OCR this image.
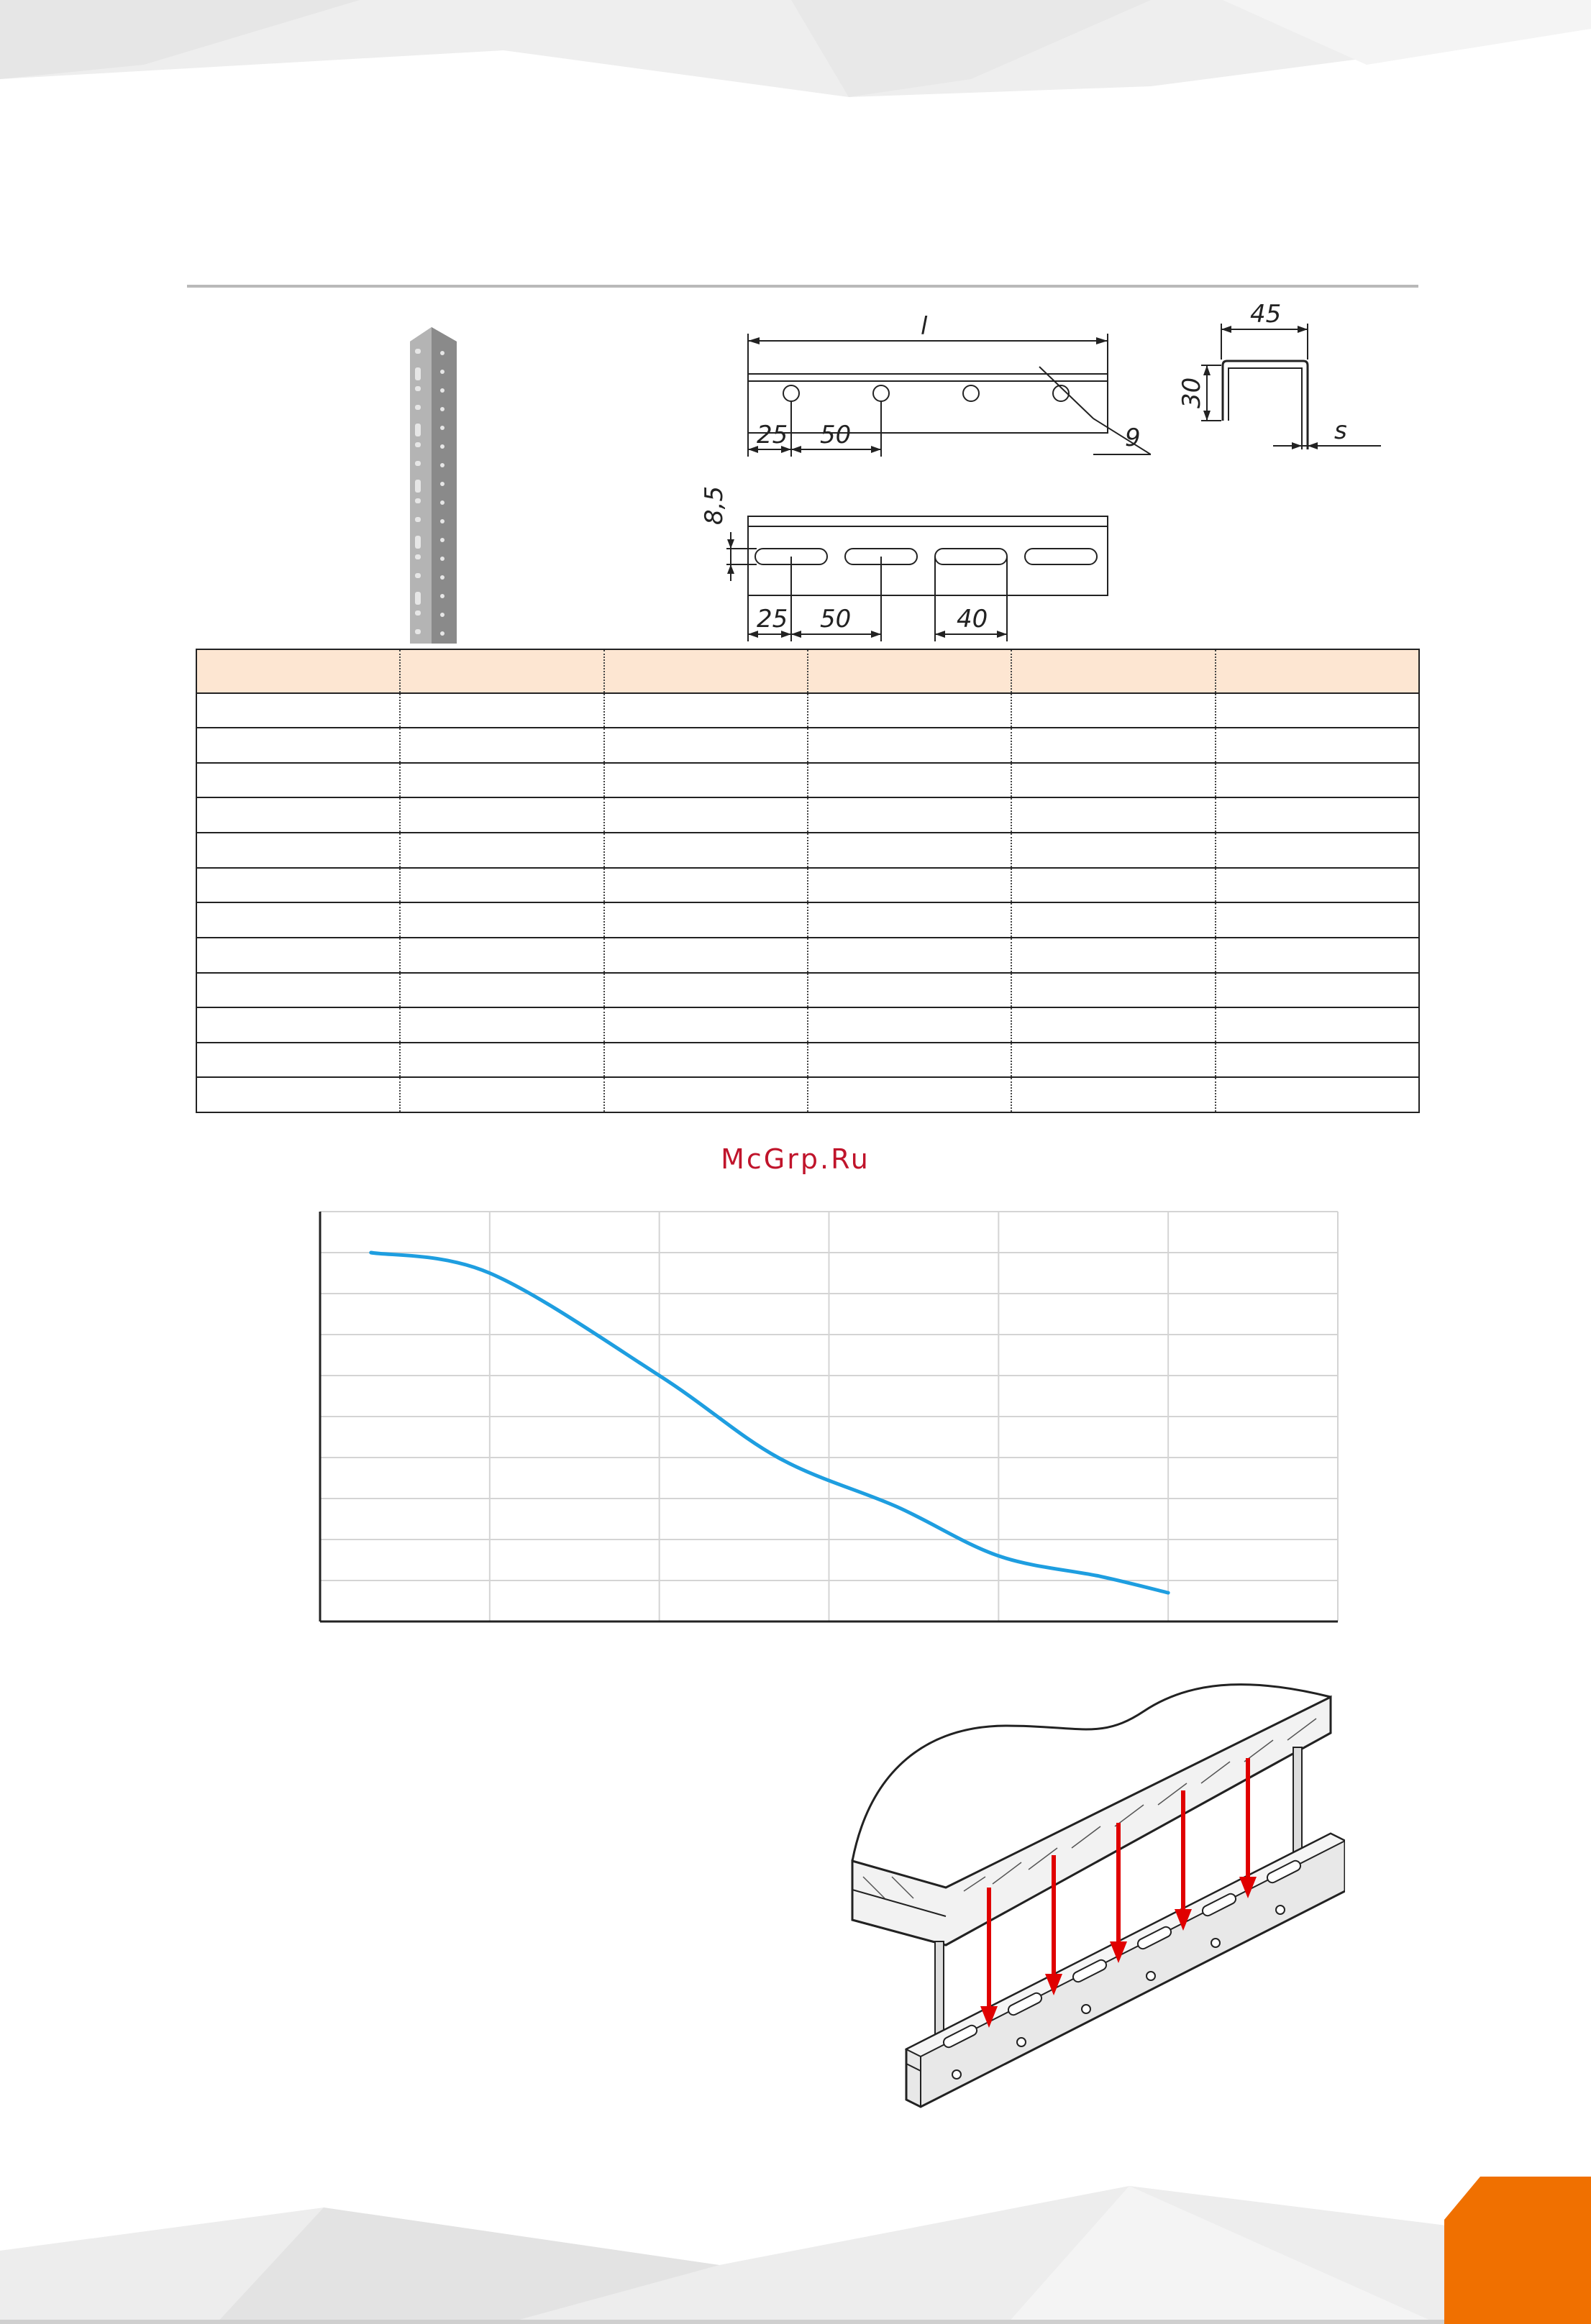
l
9
25 50
45
30
s
8,5
25 50	40

McGrp.Ru
